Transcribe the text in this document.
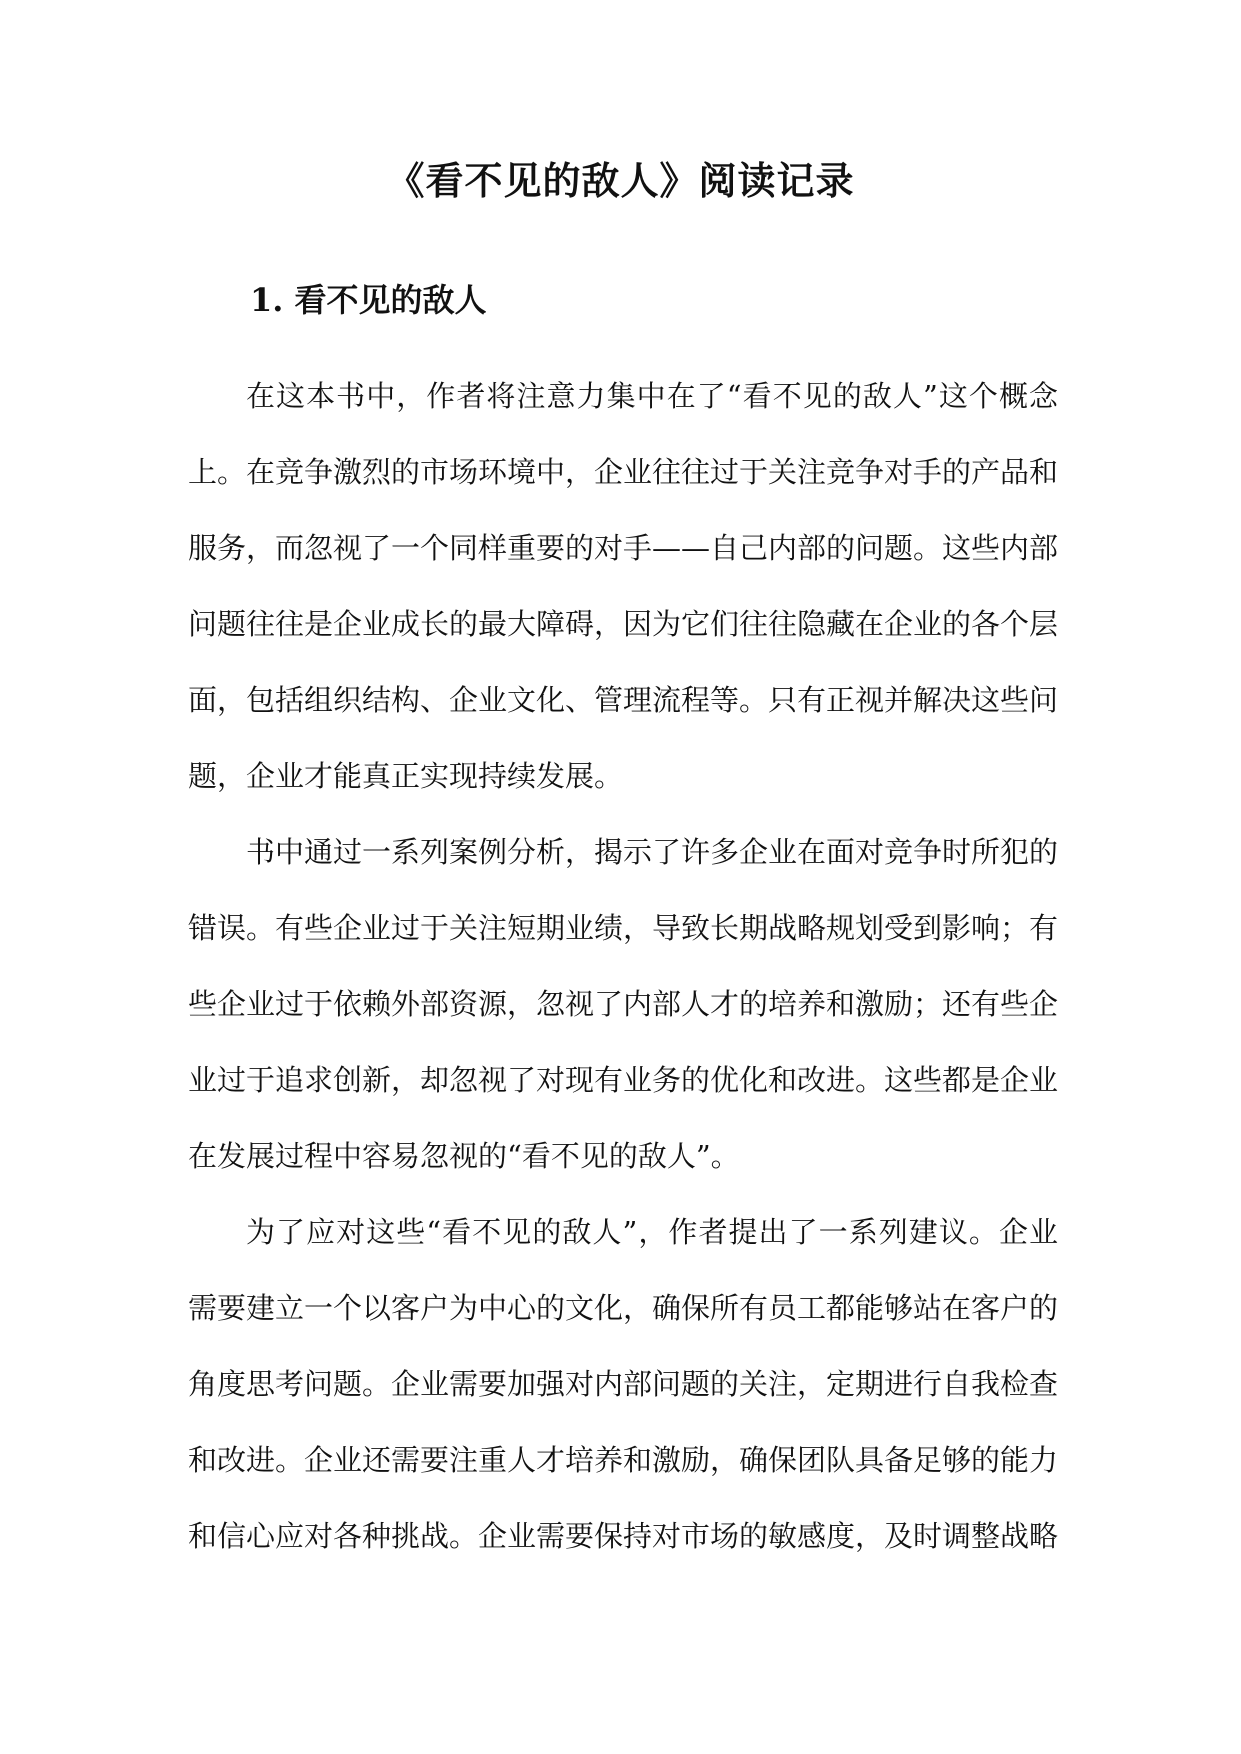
《看不见的敌人》阅读记录
1. 看不见的敌人

在这本书中，作者将注意力集中在了“看不见的敌人”这个概念上。在竞争激烈的市场环境中，企业往往过于关注竞争对手的产品和服务，而忽视了一个同样重要的对手——自己内部的问题。这些内部问题往往是企业成长的最大障碍，因为它们往往隐藏在企业的各个层面，包括组织结构、企业文化、管理流程等。只有正视并解决这些问题，企业才能真正实现持续发展。

书中通过一系列案例分析，揭示了许多企业在面对竞争时所犯的错误。有些企业过于关注短期业绩，导致长期战略规划受到影响；有些企业过于依赖外部资源，忽视了内部人才的培养和激励；还有些企业过于追求创新，却忽视了对现有业务的优化和改进。这些都是企业在发展过程中容易忽视的“看不见的敌人”。

为了应对这些“看不见的敌人”，作者提出了一系列建议。企业需要建立一个以客户为中心的文化，确保所有员工都能够站在客户的角度思考问题。企业需要加强对内部问题的关注，定期进行自我检查和改进。企业还需要注重人才培养和激励，确保团队具备足够的能力和信心应对各种挑战。企业需要保持对市场的敏感度，及时调整战略
